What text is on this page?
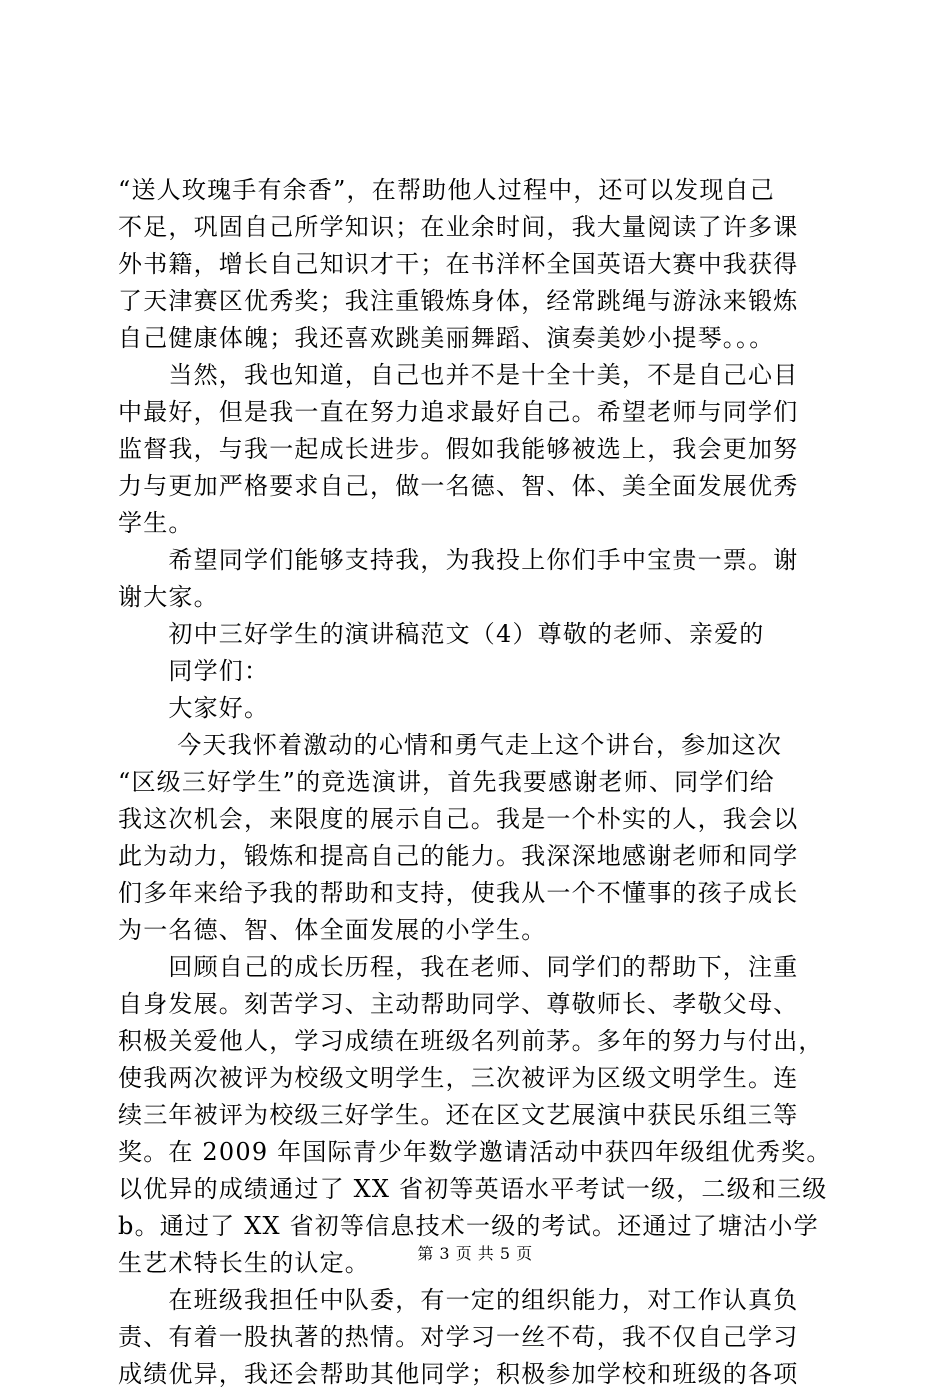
“送人玫瑰手有余香”，在帮助他人过程中，还可以发现自己
不足，巩固自己所学知识；在业余时间，我大量阅读了许多课
外书籍，增长自己知识才干；在书洋杯全国英语大赛中我获得
了天津赛区优秀奖；我注重锻炼身体，经常跳绳与游泳来锻炼
自己健康体魄；我还喜欢跳美丽舞蹈、演奏美妙小提琴。。。
　　当然，我也知道，自己也并不是十全十美，不是自己心目
中最好，但是我一直在努力追求最好自己。希望老师与同学们
监督我，与我一起成长进步。假如我能够被选上，我会更加努
力与更加严格要求自己，做一名德、智、体、美全面发展优秀
学生。
　　希望同学们能够支持我，为我投上你们手中宝贵一票。谢
谢大家。
　　初中三好学生的演讲稿范文（4）尊敬的老师、亲爱的
　　同学们：
　　大家好。
　　 今天我怀着激动的心情和勇气走上这个讲台，参加这次
“区级三好学生”的竞选演讲，首先我要感谢老师、同学们给
我这次机会，来限度的展示自己。我是一个朴实的人，我会以
此为动力，锻炼和提高自己的能力。我深深地感谢老师和同学
们多年来给予我的帮助和支持，使我从一个不懂事的孩子成长
为一名德、智、体全面发展的小学生。
　　回顾自己的成长历程，我在老师、同学们的帮助下，注重
自身发展。刻苦学习、主动帮助同学、尊敬师长、孝敬父母、
积极关爱他人，学习成绩在班级名列前茅。多年的努力与付出，
使我两次被评为校级文明学生，三次被评为区级文明学生。连
续三年被评为校级三好学生。还在区文艺展演中获民乐组三等
奖。在 2009 年国际青少年数学邀请活动中获四年级组优秀奖。
以优异的成绩通过了 XX 省初等英语水平考试一级，二级和三级
b。通过了 XX 省初等信息技术一级的考试。还通过了塘沽小学
生艺术特长生的认定。
　　在班级我担任中队委，有一定的组织能力，对工作认真负
责、有着一股执著的热情。对学习一丝不苟，我不仅自己学习
成绩优异，我还会帮助其他同学；积极参加学校和班级的各项
第 3 页 共 5 页
